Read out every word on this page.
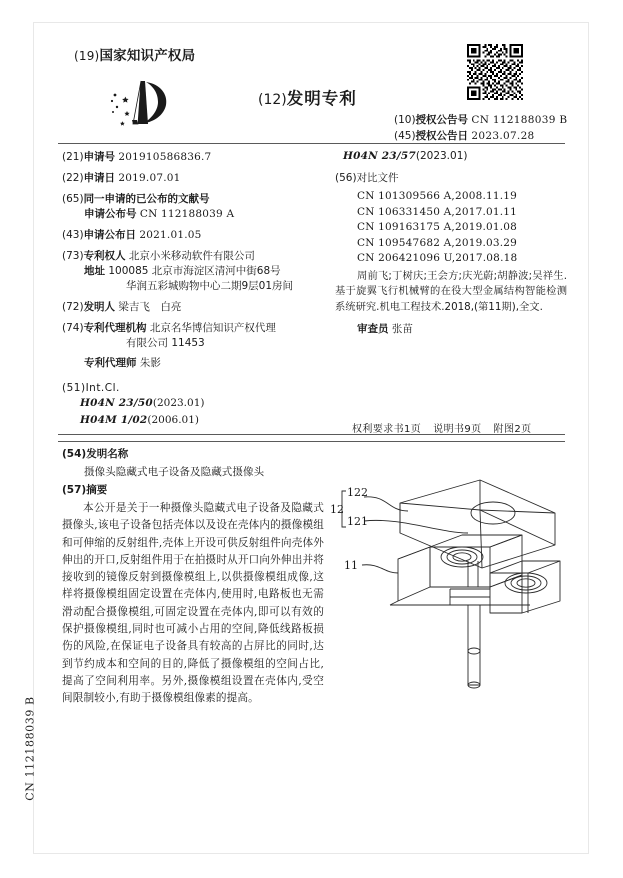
(19)国家知识产权局
(12)发明专利
(10)授权公告号 CN 112188039 B
(45)授权公告日 2023.07.28
H04N 23/57(2023.01)
(21)申请号 201910586836.7
(22)申请日 2019.07.01
(65)同一申请的已公布的文献号
申请公布号 CN 112188039 A
(43)申请公布日 2021.01.05
(73)专利权人 北京小米移动软件有限公司
地址 100085 北京市海淀区清河中街68号
华润五彩城购物中心二期9层01房间
(72)发明人 梁吉飞　白亮
(74)专利代理机构 北京名华博信知识产权代理
有限公司 11453
专利代理师 朱影
(51)Int.Cl.
H04N 23/50(2023.01)
H04M 1/02(2006.01)
(56)对比文件
CN 101309566 A,2008.11.19
CN 106331450 A,2017.01.11
CN 109163175 A,2019.01.08
CN 109547682 A,2019.03.29
CN 206421096 U,2017.08.18
周前飞;丁树庆;王会方;庆光蔚;胡静波;吴祥生.基于旋翼飞行机械臂的在役大型金属结构智能检测系统研究.机电工程技术.2018,(第11期),全文.
审查员 张苗
权利要求书1页 说明书9页 附图2页
(54)发明名称
摄像头隐藏式电子设备及隐藏式摄像头
(57)摘要
本公开是关于一种摄像头隐藏式电子设备及隐藏式摄像头,该电子设备包括壳体以及设在壳体内的摄像模组和可伸缩的反射组件,壳体上开设可供反射组件向壳体外伸出的开口,反射组件用于在拍摄时从开口向外伸出并将接收到的镜像反射到摄像模组上,以供摄像模组成像,这样将摄像模组固定设置在壳体内,使用时,电路板也无需滑动配合摄像模组,可固定设置在壳体内,即可以有效的保护摄像模组,同时也可减小占用的空间,降低线路板损伤的风险,在保证电子设备具有较高的占屏比的同时,达到节约成本和空间的目的,降低了摄像模组的空间占比,提高了空间利用率。另外,摄像模组设置在壳体内,受空间限制较小,有助于摄像模组像素的提高。
12
122
121
11
CN 112188039 B
